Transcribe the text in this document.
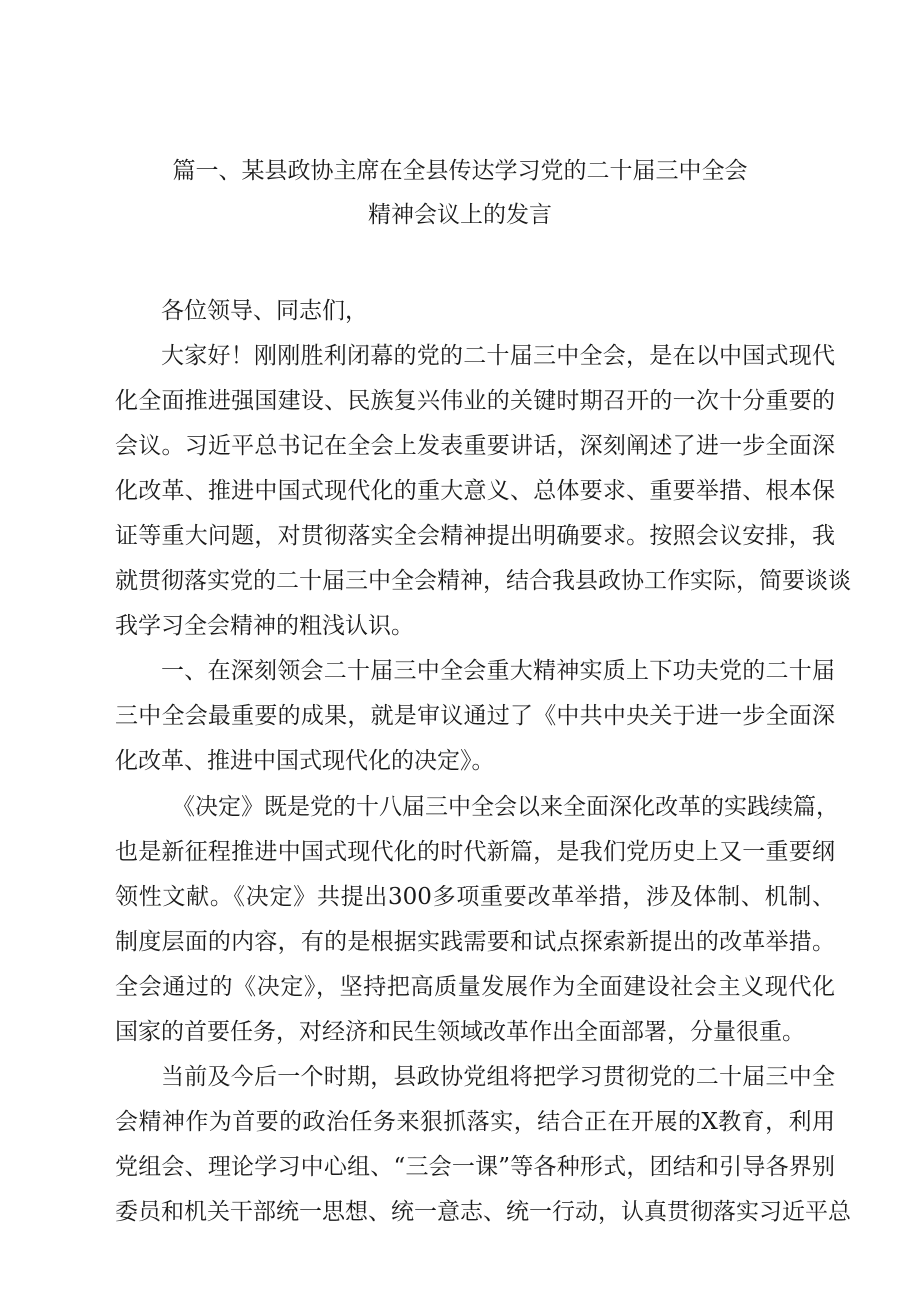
篇一、某县政协主席在全县传达学习党的二十届三中全会
精神会议上的发言
各位领导、同志们，
大家好！刚刚胜利闭幕的党的二十届三中全会，是在以中国式现代
化全面推进强国建设、民族复兴伟业的关键时期召开的一次十分重要的
会议。习近平总书记在全会上发表重要讲话，深刻阐述了进一步全面深
化改革、推进中国式现代化的重大意义、总体要求、重要举措、根本保
证等重大问题，对贯彻落实全会精神提出明确要求。按照会议安排，我
就贯彻落实党的二十届三中全会精神，结合我县政协工作实际，简要谈谈
我学习全会精神的粗浅认识。
一、在深刻领会二十届三中全会重大精神实质上下功夫党的二十届
三中全会最重要的成果，就是审议通过了《中共中央关于进一步全面深
化改革、推进中国式现代化的决定》。
《决定》既是党的十八届三中全会以来全面深化改革的实践续篇，
也是新征程推进中国式现代化的时代新篇，是我们党历史上又一重要纲
领性文献。《决定》共提出300多项重要改革举措，涉及体制、机制、
制度层面的内容，有的是根据实践需要和试点探索新提出的改革举措。
全会通过的《决定》，坚持把高质量发展作为全面建设社会主义现代化
国家的首要任务，对经济和民生领域改革作出全面部署，分量很重。
当前及今后一个时期，县政协党组将把学习贯彻党的二十届三中全
会精神作为首要的政治任务来狠抓落实，结合正在开展的X教育，利用
党组会、理论学习中心组、“三会一课”等各种形式，团结和引导各界别
委员和机关干部统一思想、统一意志、统一行动，认真贯彻落实习近平总
